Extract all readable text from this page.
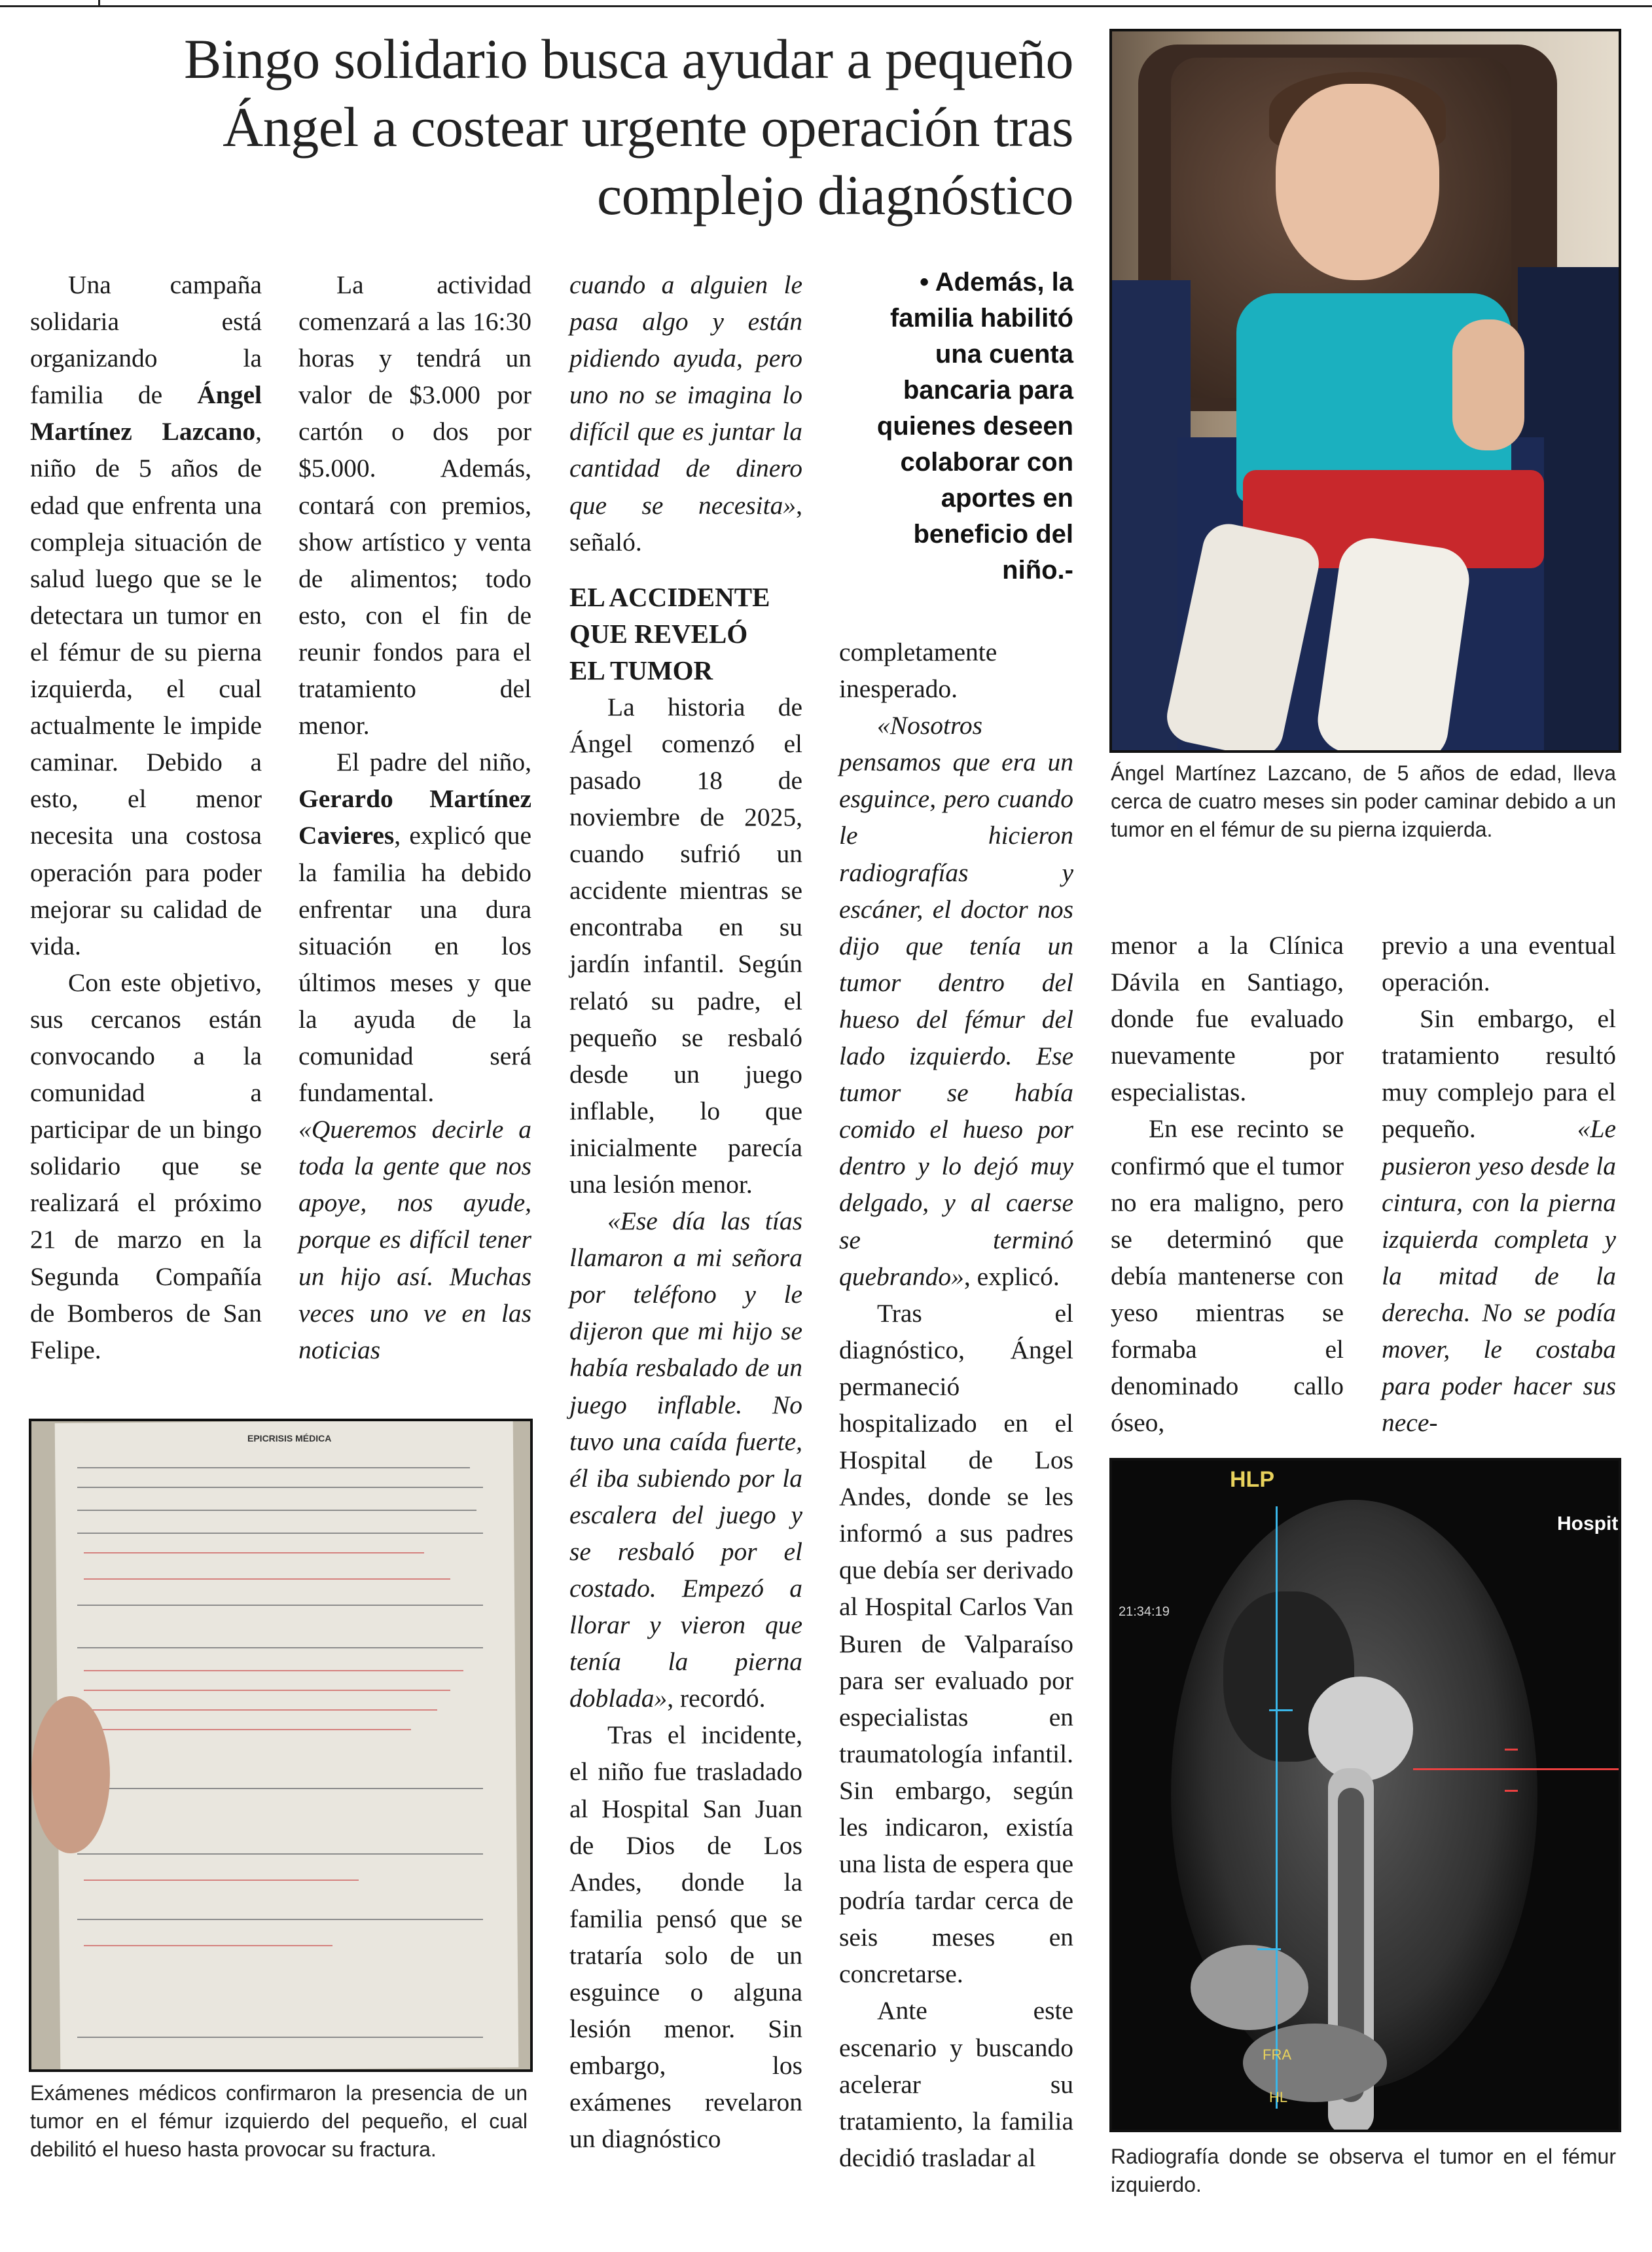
Bingo solidario busca ayudar a pequeño
Ángel a costear urgente operación tras
complejo diagnóstico

Una campaña solidaria está organizando la familia de Ángel Martínez Lazcano, niño de 5 años de edad que enfrenta una compleja situación de salud luego que se le detectara un tumor en el fémur de su pierna izquierda, el cual actualmente le impide caminar. Debido a esto, el menor necesita una costosa operación para poder mejorar su calidad de vida.

Con este objetivo, sus cercanos están convocando a la comunidad a participar de un bingo solidario que se realizará el próximo 21 de marzo en la Segunda Compañía de Bomberos de San Felipe.

La actividad comenzará a las 16:30 horas y tendrá un valor de $3.000 por cartón o dos por $5.000. Además, contará con premios, show artístico y venta de alimentos; todo esto, con el fin de reunir fondos para el tratamiento del menor.

El padre del niño, Gerardo Martínez Cavieres, explicó que la familia ha debido enfrentar una dura situación en los últimos meses y que la ayuda de la comunidad será fundamental. «Queremos decirle a toda la gente que nos apoye, nos ayude, porque es difícil tener un hijo así. Muchas veces uno ve en las noticias

cuando a alguien le pasa algo y están pidiendo ayuda, pero uno no se imagina lo difícil que es juntar la cantidad de dinero que se necesita», señaló.

EL ACCIDENTE
QUE REVELÓ
EL TUMOR

La historia de Ángel comenzó el pasado 18 de noviembre de 2025, cuando sufrió un accidente mientras se encontraba en su jardín infantil. Según relató su padre, el pequeño se resbaló desde un juego inflable, lo que inicialmente parecía una lesión menor.

«Ese día las tías llamaron a mi señora por teléfono y le dijeron que mi hijo se había resbalado de un juego inflable. No tuvo una caída fuerte, él iba subiendo por la escalera del juego y se resbaló por el costado. Empezó a llorar y vieron que tenía la pierna doblada», recordó.

Tras el incidente, el niño fue trasladado al Hospital San Juan de Dios de Los Andes, donde la familia pensó que se trataría solo de un esguince o alguna lesión menor. Sin embargo, los exámenes revelaron un diagnóstico

• Además, la familia habilitó una cuenta bancaria para quienes deseen colaborar con aportes en beneficio del niño.-

completamente inesperado.

«Nosotros pensamos que era un esguince, pero cuando le hicieron radiografías y escáner, el doctor nos dijo que tenía un tumor dentro del hueso del fémur del lado izquierdo. Ese tumor se había comido el hueso por dentro y lo dejó muy delgado, y al caerse se terminó quebrando», explicó.

Tras el diagnóstico, Ángel permaneció hospitalizado en el Hospital de Los Andes, donde se les informó a sus padres que debía ser derivado al Hospital Carlos Van Buren de Valparaíso para ser evaluado por especialistas en traumatología infantil. Sin embargo, según les indicaron, existía una lista de espera que podría tardar cerca de seis meses en concretarse.

Ante este escenario y buscando acelerar su tratamiento, la familia decidió trasladar al

menor a la Clínica Dávila en Santiago, donde fue evaluado nuevamente por especialistas.

En ese recinto se confirmó que el tumor no era maligno, pero se determinó que debía mantenerse con yeso mientras se formaba el denominado callo óseo,

previo a una eventual operación.

Sin embargo, el tratamiento resultó muy complejo para el pequeño. «Le pusieron yeso desde la cintura, con la pierna izquierda completa y la mitad de la derecha. No se podía mover, le costaba para poder hacer sus nece-

Ángel Martínez Lazcano, de 5 años de edad, lleva cerca de cuatro meses sin poder caminar debido a un tumor en el fémur de su pierna izquierda.
EPICRISIS MÉDICA
Exámenes médicos confirmaron la presencia de un tumor en el fémur izquierdo del pequeño, el cual debilitó el hueso hasta provocar su fractura.
HLP
Hospit
21:34:19
FRA
HL
Radiografía donde se observa el tumor en el fémur izquierdo.
